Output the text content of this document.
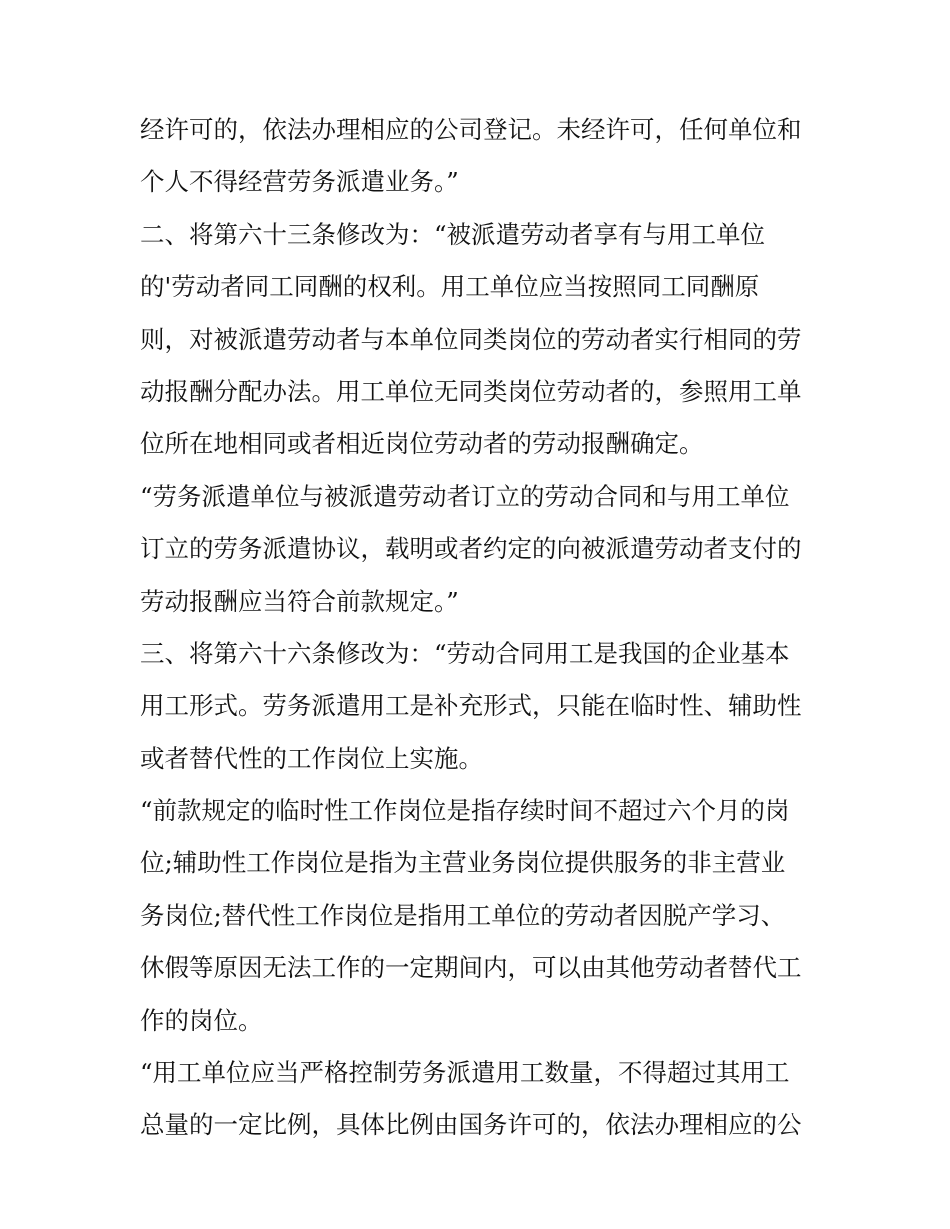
经许可的，依法办理相应的公司登记。未经许可，任何单位和

个人不得经营劳务派遣业务。”

二、将第六十三条修改为：“被派遣劳动者享有与用工单位

的'劳动者同工同酬的权利。用工单位应当按照同工同酬原

则，对被派遣劳动者与本单位同类岗位的劳动者实行相同的劳

动报酬分配办法。用工单位无同类岗位劳动者的，参照用工单

位所在地相同或者相近岗位劳动者的劳动报酬确定。

“劳务派遣单位与被派遣劳动者订立的劳动合同和与用工单位

订立的劳务派遣协议，载明或者约定的向被派遣劳动者支付的

劳动报酬应当符合前款规定。”

三、将第六十六条修改为：“劳动合同用工是我国的企业基本

用工形式。劳务派遣用工是补充形式，只能在临时性、辅助性

或者替代性的工作岗位上实施。

“前款规定的临时性工作岗位是指存续时间不超过六个月的岗

位;辅助性工作岗位是指为主营业务岗位提供服务的非主营业

务岗位;替代性工作岗位是指用工单位的劳动者因脱产学习、

休假等原因无法工作的一定期间内，可以由其他劳动者替代工

作的岗位。

“用工单位应当严格控制劳务派遣用工数量，不得超过其用工

总量的一定比例，具体比例由国务许可的，依法办理相应的公
